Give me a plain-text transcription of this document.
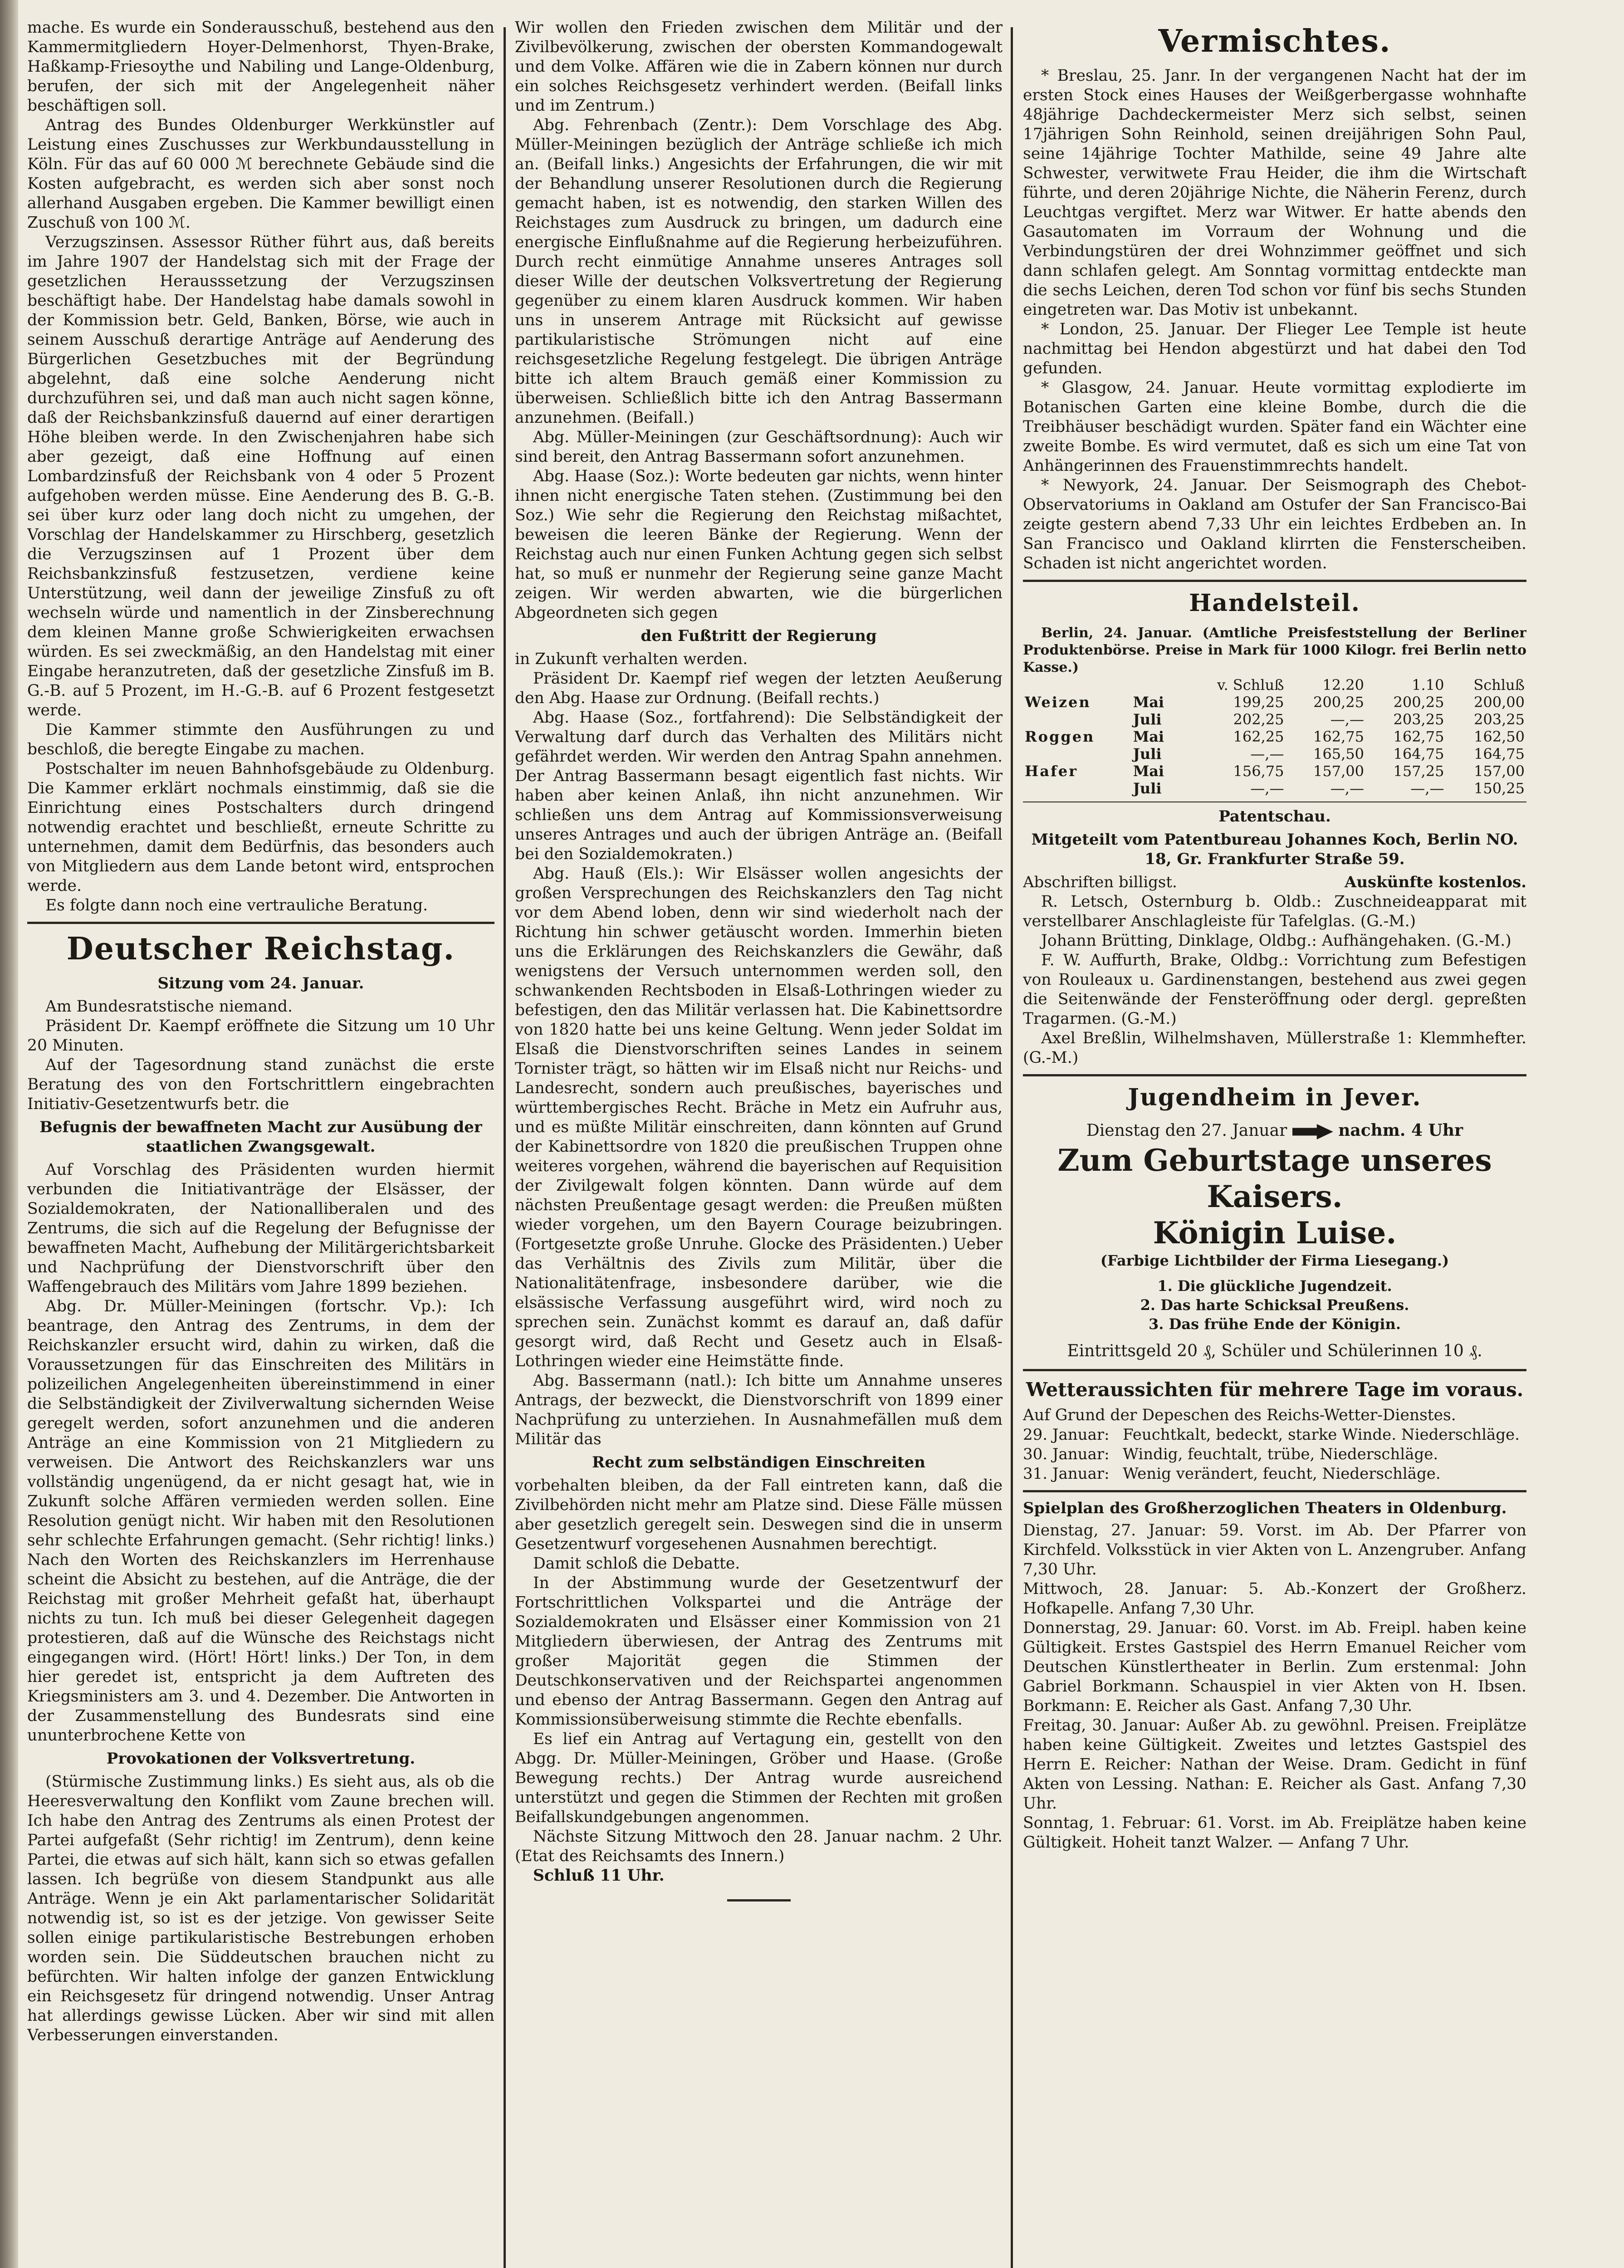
mache. Es wurde ein Sonderausschuß, bestehend aus den Kammermitgliedern Hoyer-Delmenhorst, Thyen-Brake, Haßkamp-Friesoythe und Nabiling und Lange-Oldenburg, berufen, der sich mit der Angelegenheit näher beschäftigen soll.

Antrag des Bundes Oldenburger Werkkünstler auf Leistung eines Zuschusses zur Werkbundausstellung in Köln. Für das auf 60 000 ℳ berechnete Gebäude sind die Kosten aufgebracht, es werden sich aber sonst noch allerhand Ausgaben ergeben. Die Kammer bewilligt einen Zuschuß von 100 ℳ.

Verzugszinsen. Assessor Rüther führt aus, daß bereits im Jahre 1907 der Handelstag sich mit der Frage der gesetzlichen Herausssetzung der Verzugszinsen beschäftigt habe. Der Handelstag habe damals sowohl in der Kommission betr. Geld, Banken, Börse, wie auch in seinem Ausschuß derartige Anträge auf Aenderung des Bürgerlichen Gesetzbuches mit der Begründung abgelehnt, daß eine solche Aenderung nicht durchzuführen sei, und daß man auch nicht sagen könne, daß der Reichsbankzinsfuß dauernd auf einer derartigen Höhe bleiben werde. In den Zwischenjahren habe sich aber gezeigt, daß eine Hoffnung auf einen Lombardzinsfuß der Reichsbank von 4 oder 5 Prozent aufgehoben werden müsse. Eine Aenderung des B. G.-B. sei über kurz oder lang doch nicht zu umgehen, der Vorschlag der Handelskammer zu Hirschberg, gesetzlich die Verzugszinsen auf 1 Prozent über dem Reichsbankzinsfuß festzusetzen, verdiene keine Unterstützung, weil dann der jeweilige Zinsfuß zu oft wechseln würde und namentlich in der Zinsberechnung dem kleinen Manne große Schwierigkeiten erwachsen würden. Es sei zweckmäßig, an den Handelstag mit einer Eingabe heranzutreten, daß der gesetzliche Zinsfuß im B. G.-B. auf 5 Prozent, im H.-G.-B. auf 6 Prozent festgesetzt werde.

Die Kammer stimmte den Ausführungen zu und beschloß, die beregte Eingabe zu machen.

Postschalter im neuen Bahnhofsgebäude zu Oldenburg. Die Kammer erklärt nochmals einstimmig, daß sie die Einrichtung eines Postschalters durch dringend notwendig erachtet und beschließt, erneute Schritte zu unternehmen, damit dem Bedürfnis, das besonders auch von Mitgliedern aus dem Lande betont wird, entsprochen werde.

Es folgte dann noch eine vertrauliche Beratung.

Deutscher Reichstag.
Sitzung vom 24. Januar.

Am Bundesratstische niemand.

Präsident Dr. Kaempf eröffnete die Sitzung um 10 Uhr 20 Minuten.

Auf der Tagesordnung stand zunächst die erste Beratung des von den Fortschrittlern eingebrachten Initiativ-Gesetzentwurfs betr. die

Befugnis der bewaffneten Macht zur Ausübung der staatlichen Zwangsgewalt.

Auf Vorschlag des Präsidenten wurden hiermit verbunden die Initiativanträge der Elsässer, der Sozialdemokraten, der Nationalliberalen und des Zentrums, die sich auf die Regelung der Befugnisse der bewaffneten Macht, Aufhebung der Militärgerichtsbarkeit und Nachprüfung der Dienstvorschrift über den Waffengebrauch des Militärs vom Jahre 1899 beziehen.

Abg. Dr. Müller-Meiningen (fortschr. Vp.): Ich beantrage, den Antrag des Zentrums, in dem der Reichskanzler ersucht wird, dahin zu wirken, daß die Voraussetzungen für das Einschreiten des Militärs in polizeilichen Angelegenheiten übereinstimmend in einer die Selbständigkeit der Zivilverwaltung sichernden Weise geregelt werden, sofort anzunehmen und die anderen Anträge an eine Kommission von 21 Mitgliedern zu verweisen. Die Antwort des Reichskanzlers war uns vollständig ungenügend, da er nicht gesagt hat, wie in Zukunft solche Affären vermieden werden sollen. Eine Resolution genügt nicht. Wir haben mit den Resolutionen sehr schlechte Erfahrungen gemacht. (Sehr richtig! links.) Nach den Worten des Reichskanzlers im Herrenhause scheint die Absicht zu bestehen, auf die Anträge, die der Reichstag mit großer Mehrheit gefaßt hat, überhaupt nichts zu tun. Ich muß bei dieser Gelegenheit dagegen protestieren, daß auf die Wünsche des Reichstags nicht eingegangen wird. (Hört! Hört! links.) Der Ton, in dem hier geredet ist, entspricht ja dem Auftreten des Kriegsministers am 3. und 4. Dezember. Die Antworten in der Zusammenstellung des Bundesrats sind eine ununterbrochene Kette von

Provokationen der Volksvertretung.

(Stürmische Zustimmung links.) Es sieht aus, als ob die Heeresverwaltung den Konflikt vom Zaune brechen will. Ich habe den Antrag des Zentrums als einen Protest der Partei aufgefaßt (Sehr richtig! im Zentrum), denn keine Partei, die etwas auf sich hält, kann sich so etwas gefallen lassen. Ich begrüße von diesem Standpunkt aus alle Anträge. Wenn je ein Akt parlamentarischer Solidarität notwendig ist, so ist es der jetzige. Von gewisser Seite sollen einige partikularistische Bestrebungen erhoben worden sein. Die Süddeutschen brauchen nicht zu befürchten. Wir halten infolge der ganzen Entwicklung ein Reichsgesetz für dringend notwendig. Unser Antrag hat allerdings gewisse Lücken. Aber wir sind mit allen Verbesserungen einverstanden.

Wir wollen den Frieden zwischen dem Militär und der Zivilbevölkerung, zwischen der obersten Kommandogewalt und dem Volke. Affären wie die in Zabern können nur durch ein solches Reichsgesetz verhindert werden. (Beifall links und im Zentrum.)

Abg. Fehrenbach (Zentr.): Dem Vorschlage des Abg. Müller-Meiningen bezüglich der Anträge schließe ich mich an. (Beifall links.) Angesichts der Erfahrungen, die wir mit der Behandlung unserer Resolutionen durch die Regierung gemacht haben, ist es notwendig, den starken Willen des Reichstages zum Ausdruck zu bringen, um dadurch eine energische Einflußnahme auf die Regierung herbeizuführen. Durch recht einmütige Annahme unseres Antrages soll dieser Wille der deutschen Volksvertretung der Regierung gegenüber zu einem klaren Ausdruck kommen. Wir haben uns in unserem Antrage mit Rücksicht auf gewisse partikularistische Strömungen nicht auf eine reichsgesetzliche Regelung festgelegt. Die übrigen Anträge bitte ich altem Brauch gemäß einer Kommission zu überweisen. Schließlich bitte ich den Antrag Bassermann anzunehmen. (Beifall.)

Abg. Müller-Meiningen (zur Geschäftsordnung): Auch wir sind bereit, den Antrag Bassermann sofort anzunehmen.

Abg. Haase (Soz.): Worte bedeuten gar nichts, wenn hinter ihnen nicht energische Taten stehen. (Zustimmung bei den Soz.) Wie sehr die Regierung den Reichstag mißachtet, beweisen die leeren Bänke der Regierung. Wenn der Reichstag auch nur einen Funken Achtung gegen sich selbst hat, so muß er nunmehr der Regierung seine ganze Macht zeigen. Wir werden abwarten, wie die bürgerlichen Abgeordneten sich gegen

den Fußtritt der Regierung

in Zukunft verhalten werden.

Präsident Dr. Kaempf rief wegen der letzten Aeußerung den Abg. Haase zur Ordnung. (Beifall rechts.)

Abg. Haase (Soz., fortfahrend): Die Selbständigkeit der Verwaltung darf durch das Verhalten des Militärs nicht gefährdet werden. Wir werden den Antrag Spahn annehmen. Der Antrag Bassermann besagt eigentlich fast nichts. Wir haben aber keinen Anlaß, ihn nicht anzunehmen. Wir schließen uns dem Antrag auf Kommissionsverweisung unseres Antrages und auch der übrigen Anträge an. (Beifall bei den Sozialdemokraten.)

Abg. Hauß (Els.): Wir Elsässer wollen angesichts der großen Versprechungen des Reichskanzlers den Tag nicht vor dem Abend loben, denn wir sind wiederholt nach der Richtung hin schwer getäuscht worden. Immerhin bieten uns die Erklärungen des Reichskanzlers die Gewähr, daß wenigstens der Versuch unternommen werden soll, den schwankenden Rechtsboden in Elsaß-Lothringen wieder zu befestigen, den das Militär verlassen hat. Die Kabinettsordre von 1820 hatte bei uns keine Geltung. Wenn jeder Soldat im Elsaß die Dienstvorschriften seines Landes in seinem Tornister trägt, so hätten wir im Elsaß nicht nur Reichs- und Landesrecht, sondern auch preußisches, bayerisches und württembergisches Recht. Bräche in Metz ein Aufruhr aus, und es müßte Militär einschreiten, dann könnten auf Grund der Kabinettsordre von 1820 die preußischen Truppen ohne weiteres vorgehen, während die bayerischen auf Requisition der Zivilgewalt folgen könnten. Dann würde auf dem nächsten Preußentage gesagt werden: die Preußen müßten wieder vorgehen, um den Bayern Courage beizubringen. (Fortgesetzte große Unruhe. Glocke des Präsidenten.) Ueber das Verhältnis des Zivils zum Militär, über die Nationalitätenfrage, insbesondere darüber, wie die elsässische Verfassung ausgeführt wird, wird noch zu sprechen sein. Zunächst kommt es darauf an, daß dafür gesorgt wird, daß Recht und Gesetz auch in Elsaß-Lothringen wieder eine Heimstätte finde.

Abg. Bassermann (natl.): Ich bitte um Annahme unseres Antrags, der bezweckt, die Dienstvorschrift von 1899 einer Nachprüfung zu unterziehen. In Ausnahmefällen muß dem Militär das

Recht zum selbständigen Einschreiten

vorbehalten bleiben, da der Fall eintreten kann, daß die Zivilbehörden nicht mehr am Platze sind. Diese Fälle müssen aber gesetzlich geregelt sein. Deswegen sind die in unserm Gesetzentwurf vorgesehenen Ausnahmen berechtigt.

Damit schloß die Debatte.

In der Abstimmung wurde der Gesetzentwurf der Fortschrittlichen Volkspartei und die Anträge der Sozialdemokraten und Elsässer einer Kommission von 21 Mitgliedern überwiesen, der Antrag des Zentrums mit großer Majorität gegen die Stimmen der Deutschkonservativen und der Reichspartei angenommen und ebenso der Antrag Bassermann. Gegen den Antrag auf Kommissionsüberweisung stimmte die Rechte ebenfalls.

Es lief ein Antrag auf Vertagung ein, gestellt von den Abgg. Dr. Müller-Meiningen, Gröber und Haase. (Große Bewegung rechts.) Der Antrag wurde ausreichend unterstützt und gegen die Stimmen der Rechten mit großen Beifallskundgebungen angenommen.

Nächste Sitzung Mittwoch den 28. Januar nachm. 2 Uhr. (Etat des Reichsamts des Innern.)

Schluß 11 Uhr.

Vermischtes.

* Breslau, 25. Janr. In der vergangenen Nacht hat der im ersten Stock eines Hauses der Weißgerbergasse wohnhafte 48jährige Dachdeckermeister Merz sich selbst, seinen 17jährigen Sohn Reinhold, seinen dreijährigen Sohn Paul, seine 14jährige Tochter Mathilde, seine 49 Jahre alte Schwester, verwitwete Frau Heider, die ihm die Wirtschaft führte, und deren 20jährige Nichte, die Näherin Ferenz, durch Leuchtgas vergiftet. Merz war Witwer. Er hatte abends den Gasautomaten im Vorraum der Wohnung und die Verbindungstüren der drei Wohnzimmer geöffnet und sich dann schlafen gelegt. Am Sonntag vormittag entdeckte man die sechs Leichen, deren Tod schon vor fünf bis sechs Stunden eingetreten war. Das Motiv ist unbekannt.

* London, 25. Januar. Der Flieger Lee Temple ist heute nachmittag bei Hendon abgestürzt und hat dabei den Tod gefunden.

* Glasgow, 24. Januar. Heute vormittag explodierte im Botanischen Garten eine kleine Bombe, durch die die Treibhäuser beschädigt wurden. Später fand ein Wächter eine zweite Bombe. Es wird vermutet, daß es sich um eine Tat von Anhängerinnen des Frauenstimmrechts handelt.

* Newyork, 24. Januar. Der Seismograph des Chebot-Observatoriums in Oakland am Ostufer der San Francisco-Bai zeigte gestern abend 7,33 Uhr ein leichtes Erdbeben an. In San Francisco und Oakland klirrten die Fensterscheiben. Schaden ist nicht angerichtet worden.

Handelsteil.

Berlin, 24. Januar. (Amtliche Preisfeststellung der Berliner Produktenbörse. Preise in Mark für 1000 Kilogr. frei Berlin netto Kasse.)

		v. Schluß	12.20	1.10	Schluß
Weizen	Mai	199,25	200,25	200,25	200,00
	Juli	202,25	—,—	203,25	203,25
Roggen	Mai	162,25	162,75	162,75	162,50
	Juli	—,—	165,50	164,75	164,75
Hafer	Mai	156,75	157,00	157,25	157,00
	Juli	—,—	—,—	—,—	150,25
Patentschau.
Mitgeteilt vom Patentbureau Johannes Koch, Berlin NO. 18, Gr. Frankfurter Straße 59.
Abschriften billigst.	Auskünfte kostenlos.

R. Letsch, Osternburg b. Oldb.: Zuschneideapparat mit verstellbarer Anschlagleiste für Tafelglas. (G.-M.)

Johann Brütting, Dinklage, Oldbg.: Aufhängehaken. (G.-M.)

F. W. Auffurth, Brake, Oldbg.: Vorrichtung zum Befestigen von Rouleaux u. Gardinenstangen, bestehend aus zwei gegen die Seitenwände der Fensteröffnung oder dergl. gepreßten Tragarmen. (G.-M.)

Axel Breßlin, Wilhelmshaven, Müllerstraße 1: Klemmhefter. (G.-M.)

Jugendheim in Jever.
Dienstag den 27. Januar	nachm. 4 Uhr
Zum Geburtstage unseres Kaisers.
Königin Luise.
(Farbige Lichtbilder der Firma Liesegang.)
1. Die glückliche Jugendzeit.
2. Das harte Schicksal Preußens.
3. Das frühe Ende der Königin.
Eintrittsgeld 20 ₰, Schüler und Schülerinnen 10 ₰.
Wetteraussichten für mehrere Tage im voraus.

Auf Grund der Depeschen des Reichs-Wetter-Dienstes.

29. Januar: Feuchtkalt, bedeckt, starke Winde. Niederschläge.
30. Januar: Windig, feuchtalt, trübe, Niederschläge.
31. Januar: Wenig verändert, feucht, Niederschläge.
Spielplan des Großherzoglichen Theaters in Oldenburg.

Dienstag, 27. Januar: 59. Vorst. im Ab. Der Pfarrer von Kirchfeld. Volksstück in vier Akten von L. Anzengruber. Anfang 7,30 Uhr.

Mittwoch, 28. Januar: 5. Ab.-Konzert der Großherz. Hofkapelle. Anfang 7,30 Uhr.

Donnerstag, 29. Januar: 60. Vorst. im Ab. Freipl. haben keine Gültigkeit. Erstes Gastspiel des Herrn Emanuel Reicher vom Deutschen Künstlertheater in Berlin. Zum erstenmal: John Gabriel Borkmann. Schauspiel in vier Akten von H. Ibsen. Borkmann: E. Reicher als Gast. Anfang 7,30 Uhr.

Freitag, 30. Januar: Außer Ab. zu gewöhnl. Preisen. Freiplätze haben keine Gültigkeit. Zweites und letztes Gastspiel des Herrn E. Reicher: Nathan der Weise. Dram. Gedicht in fünf Akten von Lessing. Nathan: E. Reicher als Gast. Anfang 7,30 Uhr.

Sonntag, 1. Februar: 61. Vorst. im Ab. Freiplätze haben keine Gültigkeit. Hoheit tanzt Walzer. — Anfang 7 Uhr.
